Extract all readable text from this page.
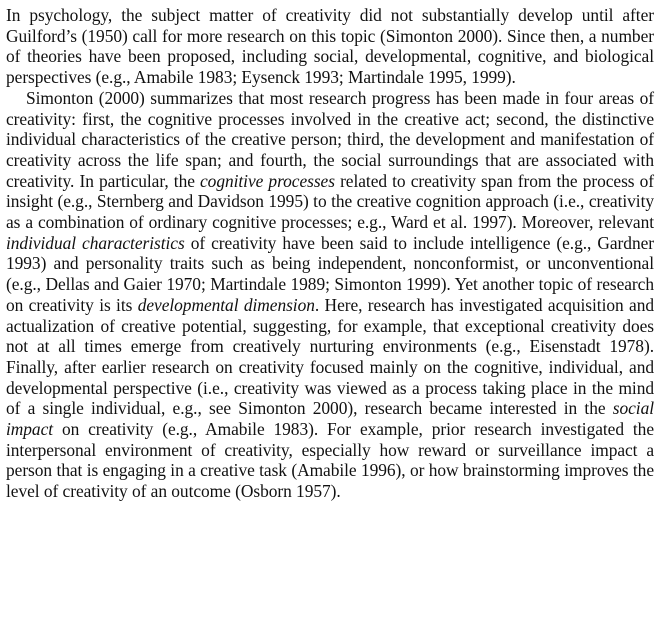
In psychology, the subject matter of creativity did not substantially develop until after Guilford’s (1950) call for more research on this topic (Simonton 2000). Since then, a number of theories have been proposed, including social, developmental, cognitive, and biological perspectives (e.g., Amabile 1983; Eysenck 1993; Martindale 1995, 1999).

Simonton (2000) summarizes that most research progress has been made in four areas of creativity: first, the cognitive processes involved in the creative act; second, the distinctive individual characteristics of the creative person; third, the development and manifestation of creativity across the life span; and fourth, the social surroundings that are associated with creativity. In particular, the cognitive processes related to creativity span from the process of insight (e.g., Sternberg and Davidson 1995) to the creative cognition approach (i.e., creativity as a combination of ordinary cognitive processes; e.g., Ward et al. 1997). Moreover, relevant individual characteristics of creativity have been said to include intelligence (e.g., Gardner 1993) and personality traits such as being independent, nonconformist, or unconventional (e.g., Dellas and Gaier 1970; Martindale 1989; Simonton 1999). Yet another topic of research on creativity is its developmental dimension. Here, research has investigated acquisition and actualization of creative potential, suggesting, for example, that exceptional creativity does not at all times emerge from creatively nurturing environments (e.g., Eisenstadt 1978). Finally, after earlier research on creativity focused mainly on the cognitive, individual, and developmental perspective (i.e., creativity was viewed as a process taking place in the mind of a single individual, e.g., see Simonton 2000), research became interested in the social impact on creativity (e.g., Amabile 1983). For example, prior research investigated the interpersonal environment of creativity, especially how reward or surveillance impact a person that is engaging in a creative task (Amabile 1996), or how brainstorming improves the level of creativity of an outcome (Osborn 1957).
